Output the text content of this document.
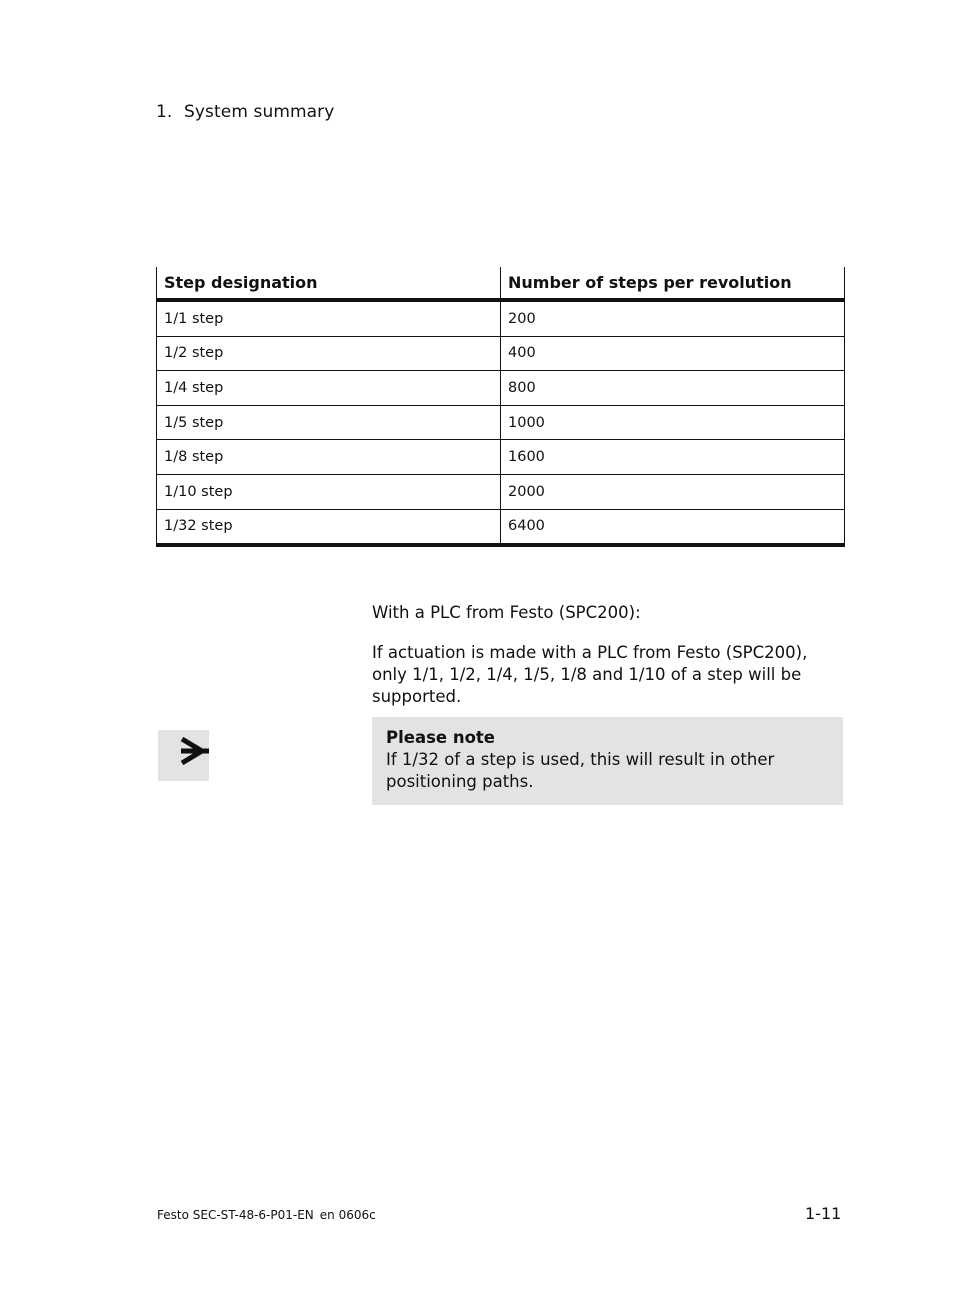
1. System summary
Step designation	Number of steps per revolution
1/1 step	200
1/2 step	400
1/4 step	800
1/5 step	1000
1/8 step	1600
1/10 step	2000
1/32 step	6400
With a PLC from Festo (SPC200):
If actuation is made with a PLC from Festo (SPC200), only 1/1, 1/2, 1/4, 1/5, 1/8 and 1/10 of a step will be supported.
Please note
If 1/32 of a step is used, this will result in other positioning paths.
Festo SEC-ST-48-6-P01-EN en 0606c	1-11
